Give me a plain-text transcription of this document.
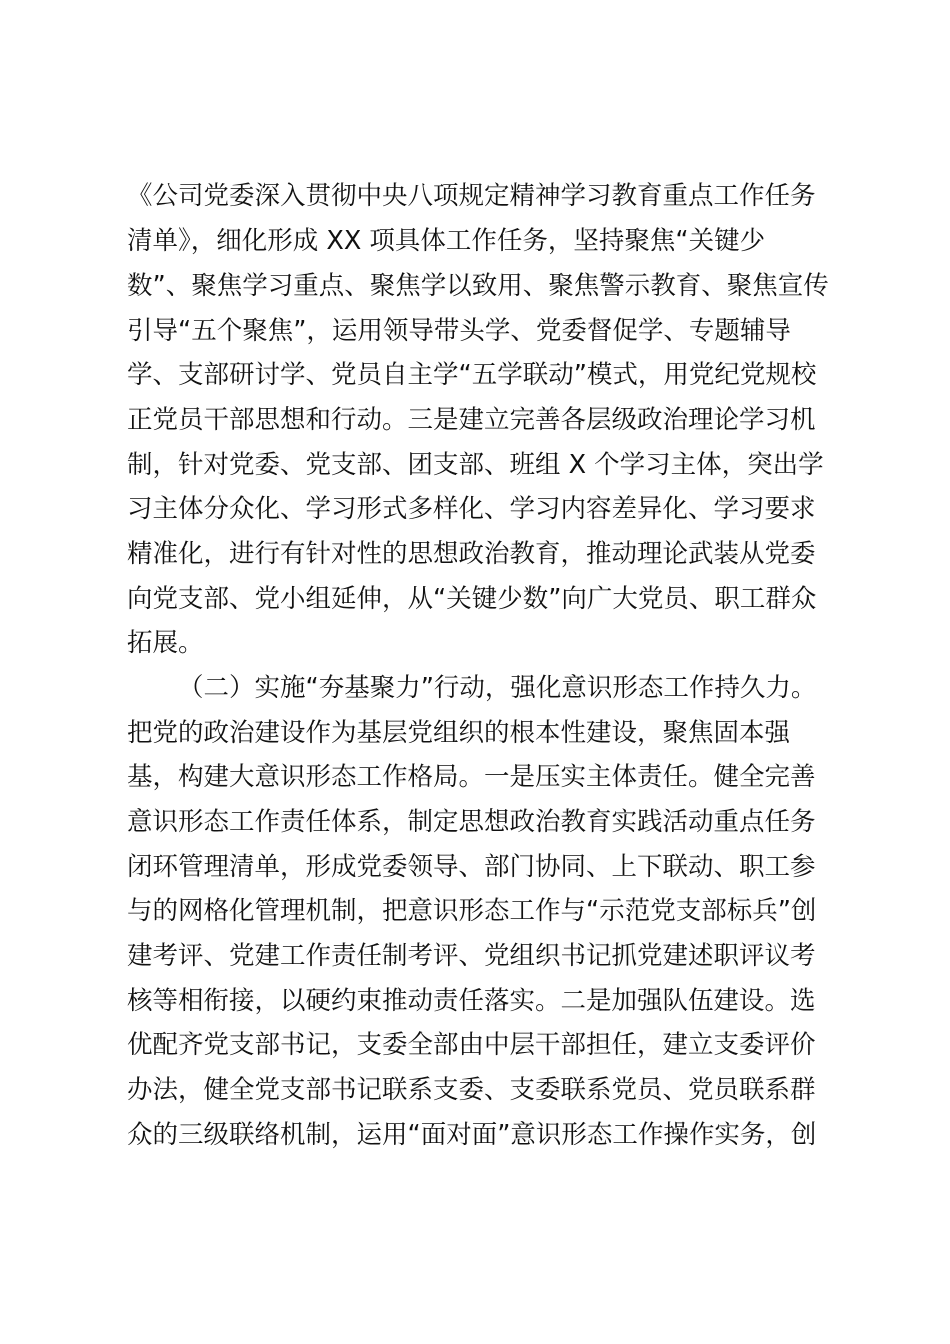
《公司党委深入贯彻中央八项规定精神学习教育重点工作任务
清单》，细化形成 XX 项具体工作任务，坚持聚焦“关键少
数”、聚焦学习重点、聚焦学以致用、聚焦警示教育、聚焦宣传
引导“五个聚焦”，运用领导带头学、党委督促学、专题辅导
学、支部研讨学、党员自主学“五学联动”模式，用党纪党规校
正党员干部思想和行动。三是建立完善各层级政治理论学习机
制，针对党委、党支部、团支部、班组 X 个学习主体，突出学
习主体分众化、学习形式多样化、学习内容差异化、学习要求
精准化，进行有针对性的思想政治教育，推动理论武装从党委
向党支部、党小组延伸，从“关键少数”向广大党员、职工群众
拓展。
（二）实施“夯基聚力”行动，强化意识形态工作持久力。
把党的政治建设作为基层党组织的根本性建设，聚焦固本强
基，构建大意识形态工作格局。一是压实主体责任。健全完善
意识形态工作责任体系，制定思想政治教育实践活动重点任务
闭环管理清单，形成党委领导、部门协同、上下联动、职工参
与的网格化管理机制，把意识形态工作与“示范党支部标兵”创
建考评、党建工作责任制考评、党组织书记抓党建述职评议考
核等相衔接，以硬约束推动责任落实。二是加强队伍建设。选
优配齐党支部书记，支委全部由中层干部担任，建立支委评价
办法，健全党支部书记联系支委、支委联系党员、党员联系群
众的三级联络机制，运用“面对面”意识形态工作操作实务，创
